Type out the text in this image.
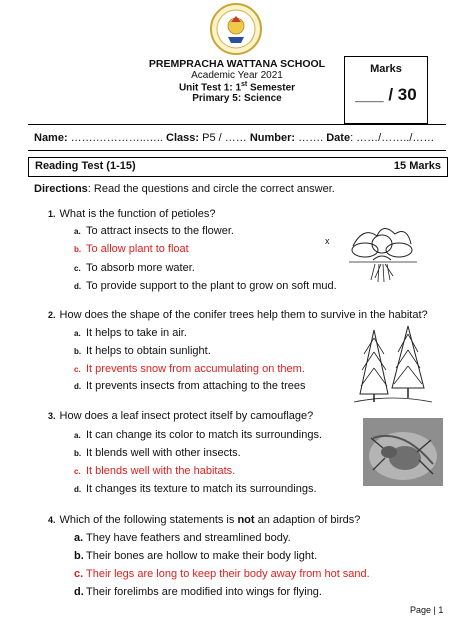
PREMPRACHA WATTANA SCHOOL
Academic Year 2021
Unit Test 1: 1st Semester
Primary 5: Science
Marks
___ / 30
Name: …….…………..….. Class: P5 / …… Number: ……. Date: ……/……../……
Reading Test (1-15)	15 Marks
Directions: Read the questions and circle the correct answer.
1. What is the function of petioles?
a. To attract insects to the flower.
b. To allow plant to float
c. To absorb more water.
d. To provide support to the plant to grow on soft mud.
x
2. How does the shape of the conifer trees help them to survive in the habitat?
a. It helps to take in air.
b. It helps to obtain sunlight.
c. It prevents snow from accumulating on them.
d. It prevents insects from attaching to the trees
3. How does a leaf insect protect itself by camouflage?
a. It can change its color to match its surroundings.
b. It blends well with other insects.
c. It blends well with the habitats.
d. It changes its texture to match its surroundings.
4. Which of the following statements is not an adaption of birds?
a. They have feathers and streamlined body.
b. Their bones are hollow to make their body light.
c. Their legs are long to keep their body away from hot sand.
d. Their forelimbs are modified into wings for flying.
Page | 1
